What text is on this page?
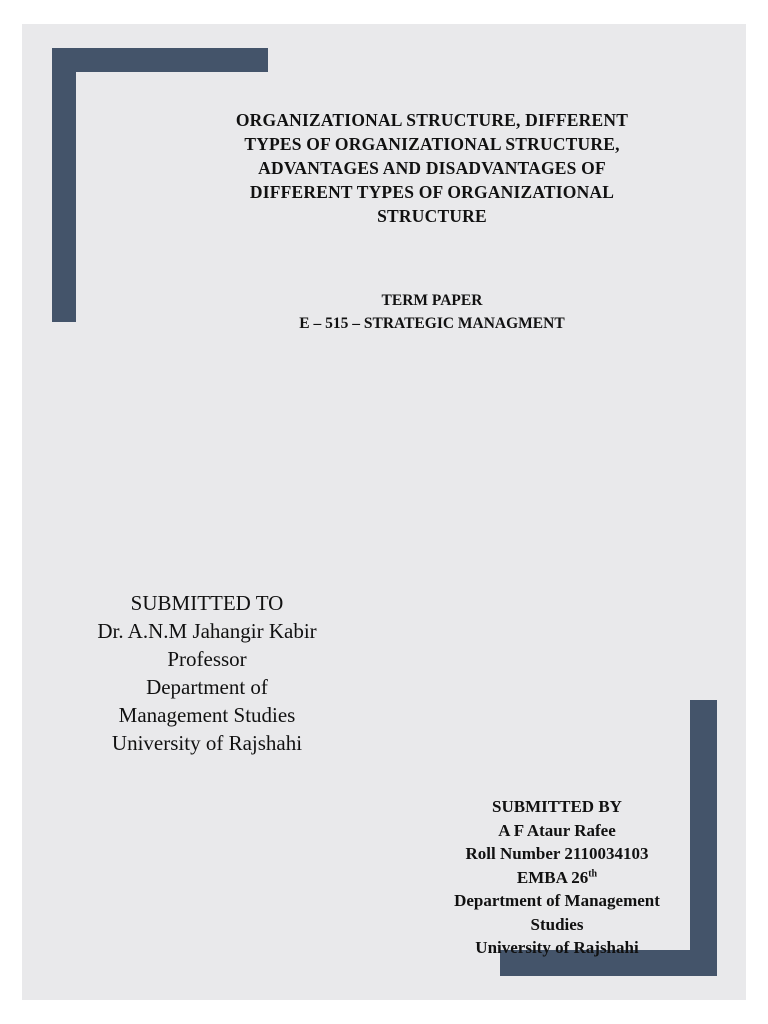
ORGANIZATIONAL STRUCTURE, DIFFERENT
TYPES OF ORGANIZATIONAL STRUCTURE,
ADVANTAGES AND DISADVANTAGES OF
DIFFERENT TYPES OF ORGANIZATIONAL
STRUCTURE
TERM PAPER
E – 515 – STRATEGIC MANAGMENT
SUBMITTED TO
Dr. A.N.M Jahangir Kabir
Professor
Department of
Management Studies
University of Rajshahi
SUBMITTED BY
A F Ataur Rafee
Roll Number 2110034103
EMBA 26th
Department of Management
Studies
University of Rajshahi
